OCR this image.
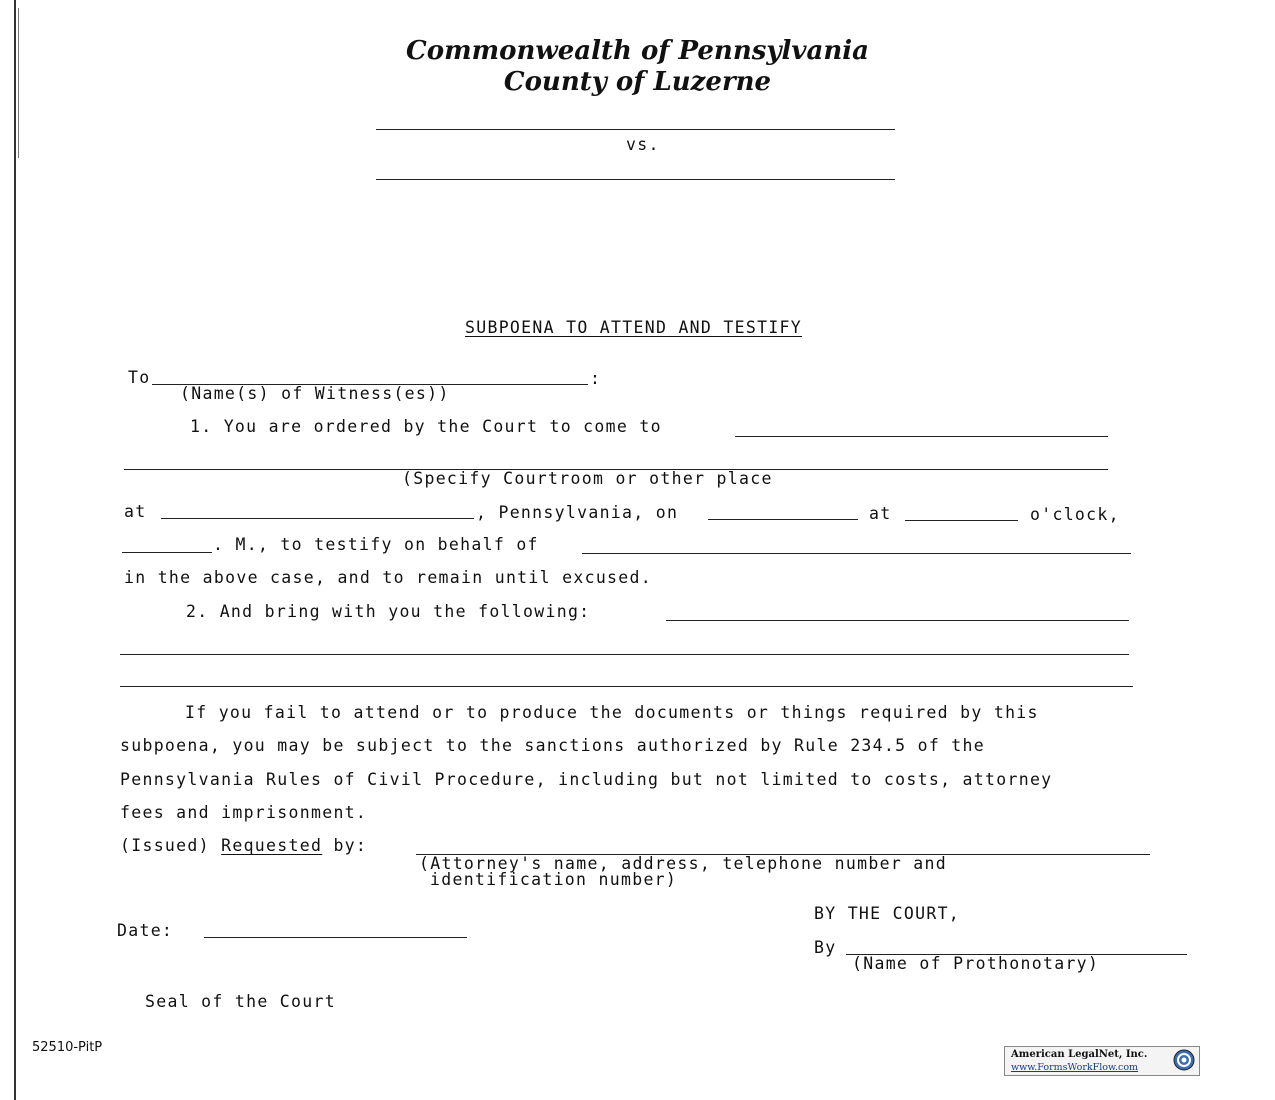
Commonwealth of Pennsylvania
County of Luzerne
vs.
SUBPOENA TO ATTEND AND TESTIFY
To	:
(Name(s) of Witness(es))
1. You are ordered by the Court to come to
(Specify Courtroom or other place
at	, Pennsylvania, on	at	o'clock,
. M., to testify on behalf of
in the above case, and to remain until excused.
2. And bring with you the following:
If you fail to attend or to produce the documents or things required by this
subpoena, you may be subject to the sanctions authorized by Rule 234.5 of the
Pennsylvania Rules of Civil Procedure, including but not limited to costs, attorney
fees and imprisonment.
(Issued) Requested by:
(Attorney's name, address, telephone number and
identification number)
BY THE COURT,
By
(Name of Prothonotary)
Date:
Seal of the Court
52510-PitP	American LegalNet, Inc.
www.FormsWorkFlow.com
